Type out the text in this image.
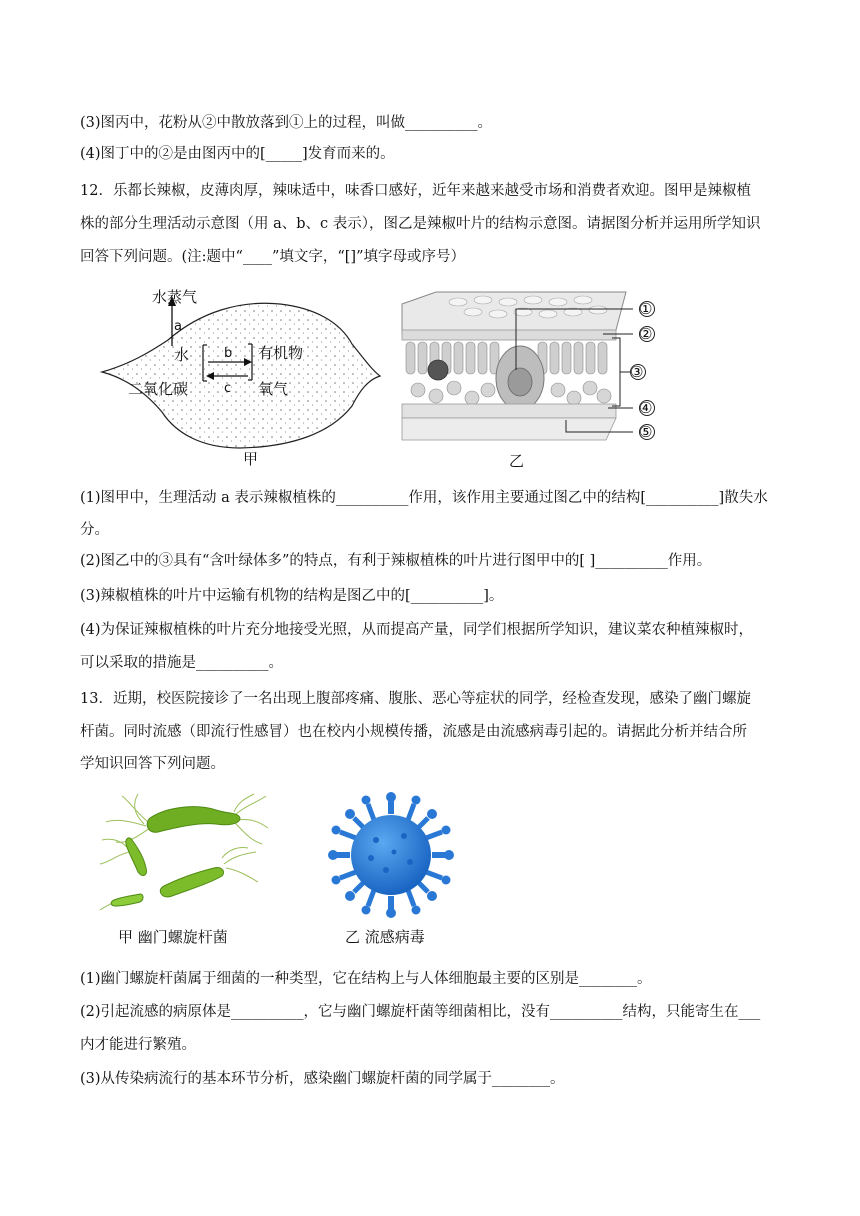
(3)图丙中，花粉从②中散放落到①上的过程，叫做__________。
(4)图丁中的②是由图丙中的[_____]发育而来的。
12．乐都长辣椒，皮薄肉厚，辣味适中，味香口感好，近年来越来越受市场和消费者欢迎。图甲是辣椒植
株的部分生理活动示意图（用 a、b、c 表示），图乙是辣椒叶片的结构示意图。请据图分析并运用所学知识
回答下列问题。(注:题中“____”填文字，“[]”填字母或序号）
水蒸气
a
水	b 有机物
c
二氧化碳	氧气
甲
①
②
③
④
⑤
乙
(1)图甲中，生理活动 a 表示辣椒植株的__________作用，该作用主要通过图乙中的结构[__________]散失水
分。
(2)图乙中的③具有“含叶绿体多”的特点，有利于辣椒植株的叶片进行图甲中的[ ]__________作用。
(3)辣椒植株的叶片中运输有机物的结构是图乙中的[__________]。
(4)为保证辣椒植株的叶片充分地接受光照，从而提高产量，同学们根据所学知识，建议菜农种植辣椒时，
可以采取的措施是__________。
13．近期，校医院接诊了一名出现上腹部疼痛、腹胀、恶心等症状的同学，经检查发现，感染了幽门螺旋
杆菌。同时流感（即流行性感冒）也在校内小规模传播，流感是由流感病毒引起的。请据此分析并结合所
学知识回答下列问题。
甲 幽门螺旋杆菌	乙 流感病毒
(1)幽门螺旋杆菌属于细菌的一种类型，它在结构上与人体细胞最主要的区别是________。
(2)引起流感的病原体是__________，它与幽门螺旋杆菌等细菌相比，没有__________结构，只能寄生在___
内才能进行繁殖。
(3)从传染病流行的基本环节分析，感染幽门螺旋杆菌的同学属于________。
